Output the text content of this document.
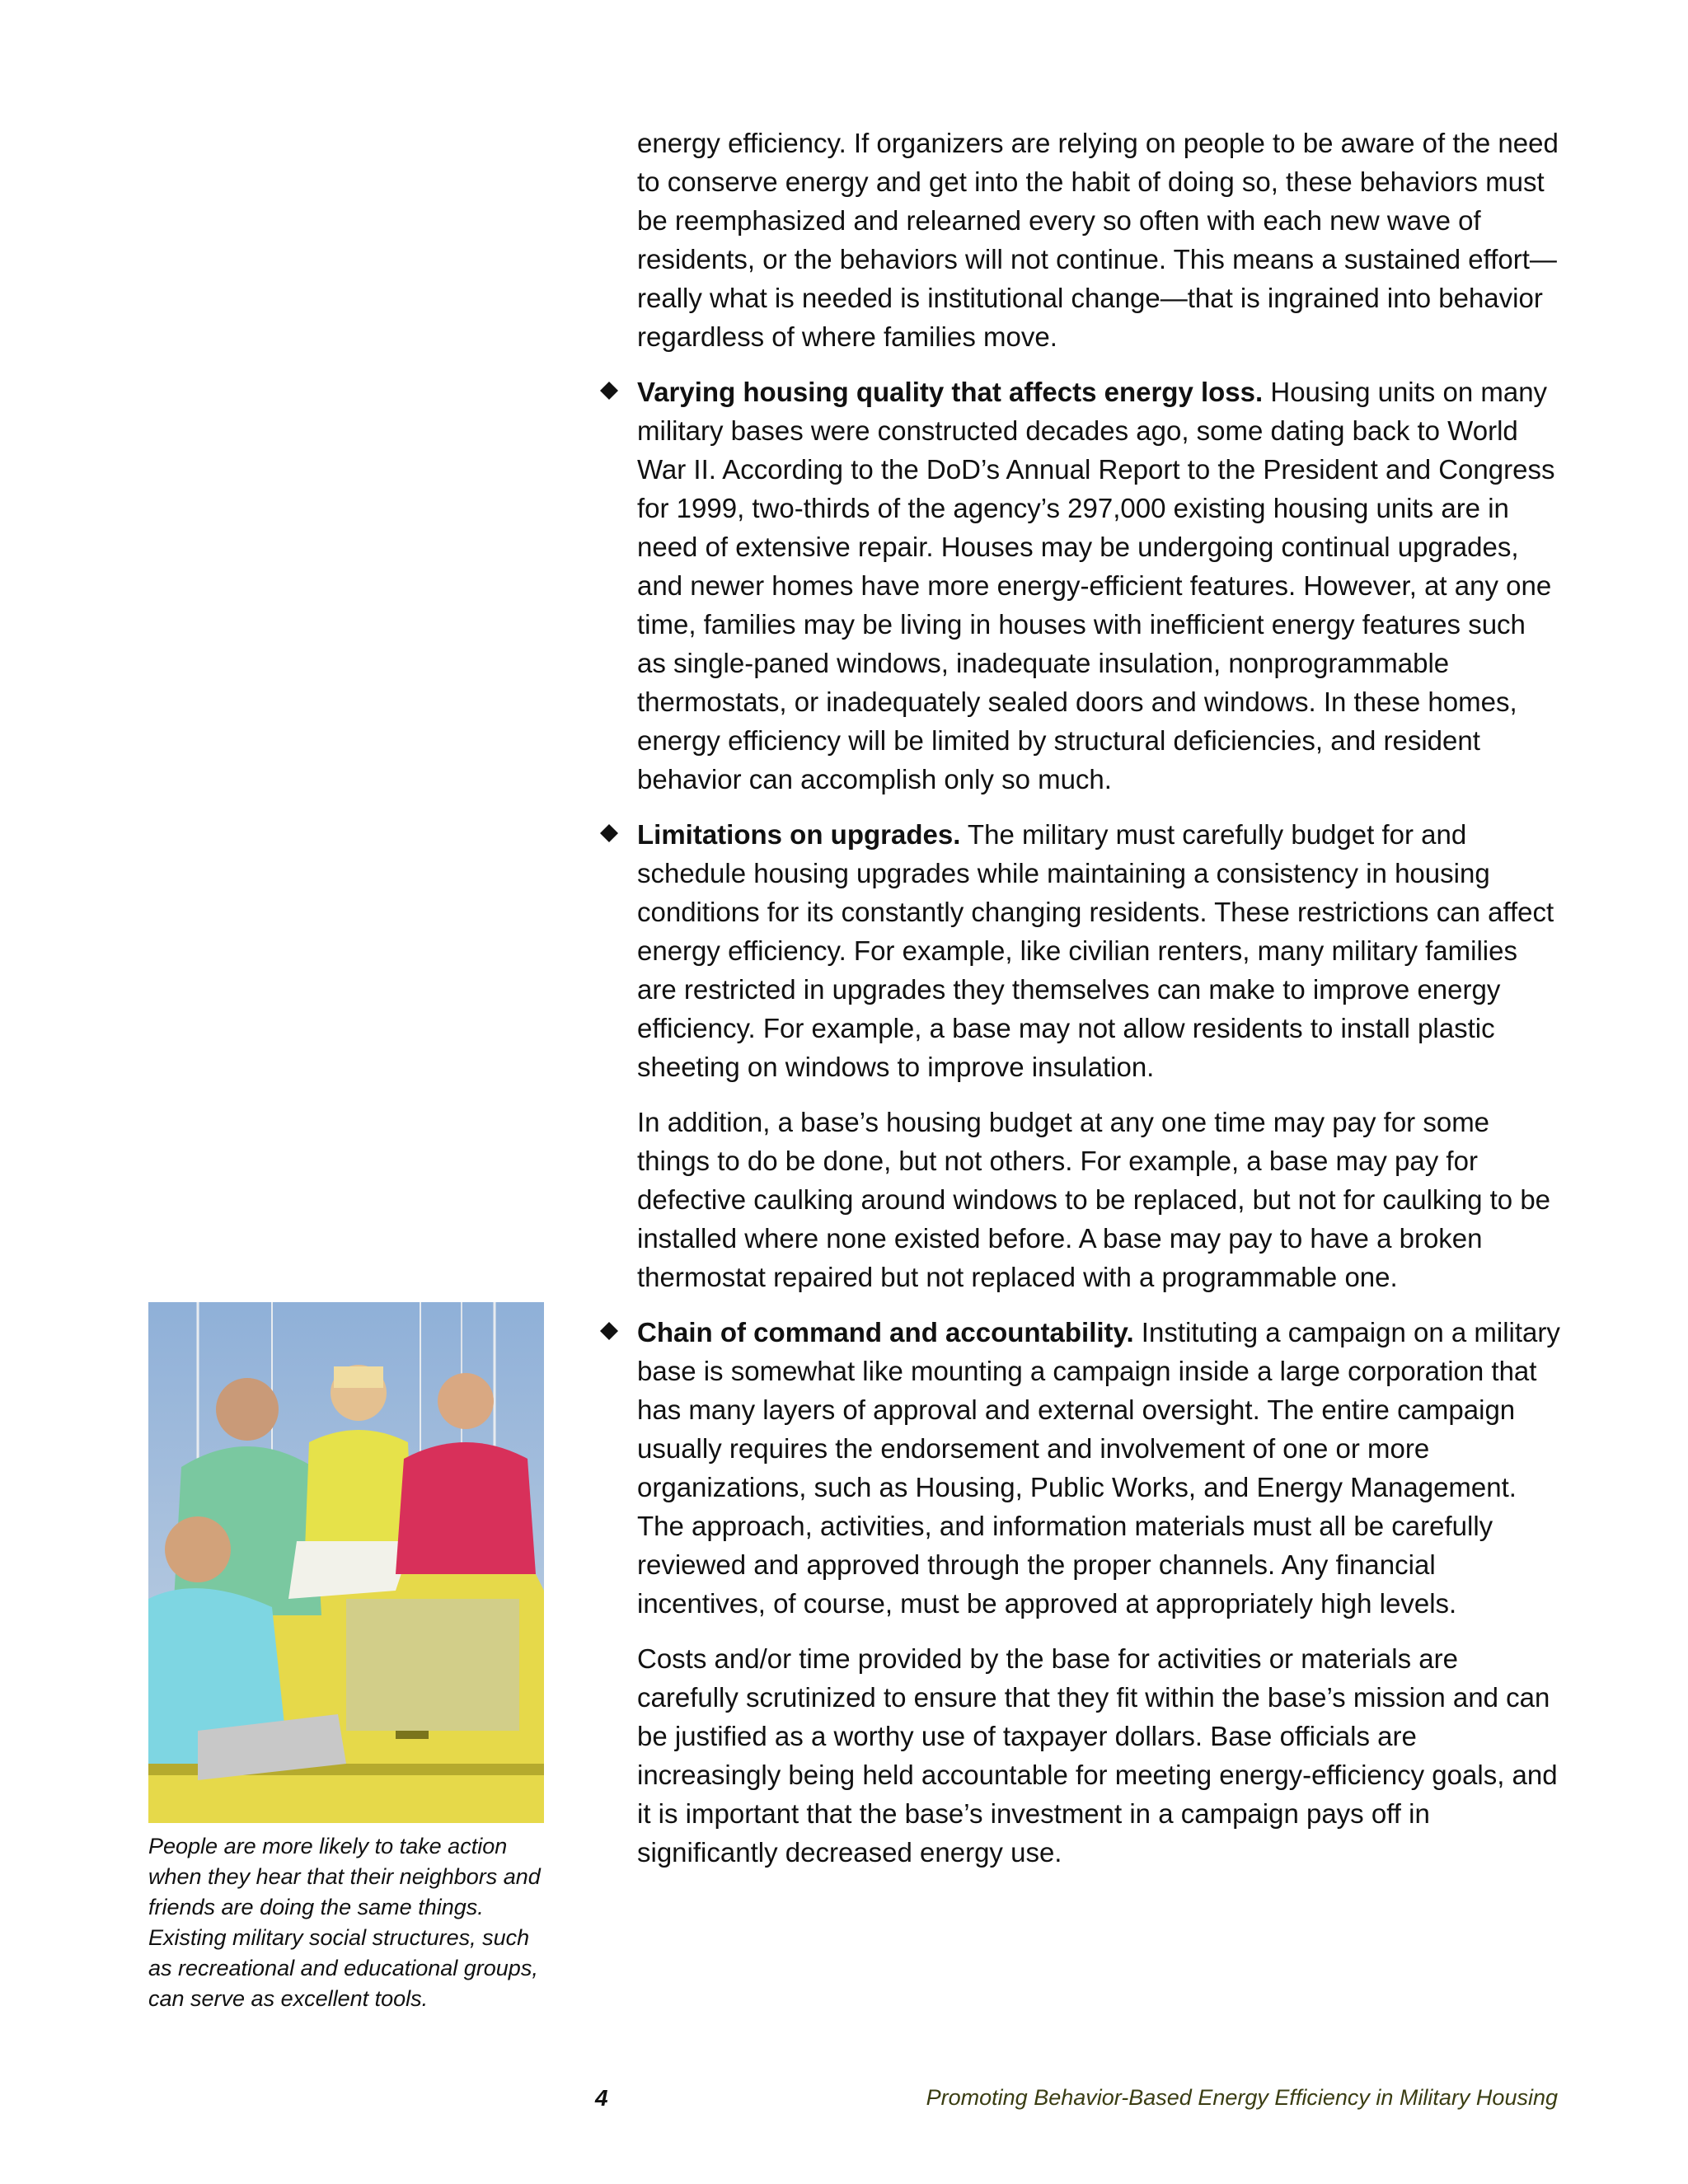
energy efficiency. If organizers are relying on people to be aware of the need to conserve energy and get into the habit of doing so, these behaviors must be reemphasized and relearned every so often with each new wave of residents, or the behaviors will not continue. This means a sustained effort—really what is needed is institutional change—that is ingrained into behavior regardless of where families move.

Varying housing quality that affects energy loss. Housing units on many military bases were constructed decades ago, some dating back to World War II. According to the DoD’s Annual Report to the President and Congress for 1999, two-thirds of the agency’s 297,000 existing housing units are in need of extensive repair. Houses may be undergoing continual upgrades, and newer homes have more energy-efficient features. However, at any one time, families may be living in houses with inefficient energy features such as single-paned windows, inadequate insulation, nonprogrammable thermostats, or inadequately sealed doors and windows. In these homes, energy efficiency will be limited by structural deficiencies, and resident behavior can accomplish only so much.

Limitations on upgrades. The military must carefully budget for and schedule housing upgrades while maintaining a consistency in housing conditions for its constantly changing residents. These restrictions can affect energy efficiency. For example, like civilian renters, many military families are restricted in upgrades they themselves can make to improve energy efficiency. For example, a base may not allow residents to install plastic sheeting on windows to improve insulation.

In addition, a base’s housing budget at any one time may pay for some things to do be done, but not others. For example, a base may pay for defective caulking around windows to be replaced, but not for caulking to be installed where none existed before. A base may pay to have a broken thermostat repaired but not replaced with a programmable one.

Chain of command and accountability. Instituting a campaign on a military base is somewhat like mounting a campaign inside a large corporation that has many layers of approval and external oversight. The entire campaign usually requires the endorsement and involvement of one or more organizations, such as Housing, Public Works, and Energy Management. The approach, activities, and information materials must all be carefully reviewed and approved through the proper channels. Any financial incentives, of course, must be approved at appropriately high levels.

Costs and/or time provided by the base for activities or materials are carefully scrutinized to ensure that they fit within the base’s mission and can be justified as a worthy use of taxpayer dollars. Base officials are increasingly being held accountable for meeting energy-efficiency goals, and it is important that the base’s investment in a campaign pays off in significantly decreased energy use.

People are more likely to take action when they hear that their neighbors and friends are doing the same things. Existing military social structures, such as recreational and educational groups, can serve as excellent tools.
4	Promoting Behavior-Based Energy Efficiency in Military Housing
